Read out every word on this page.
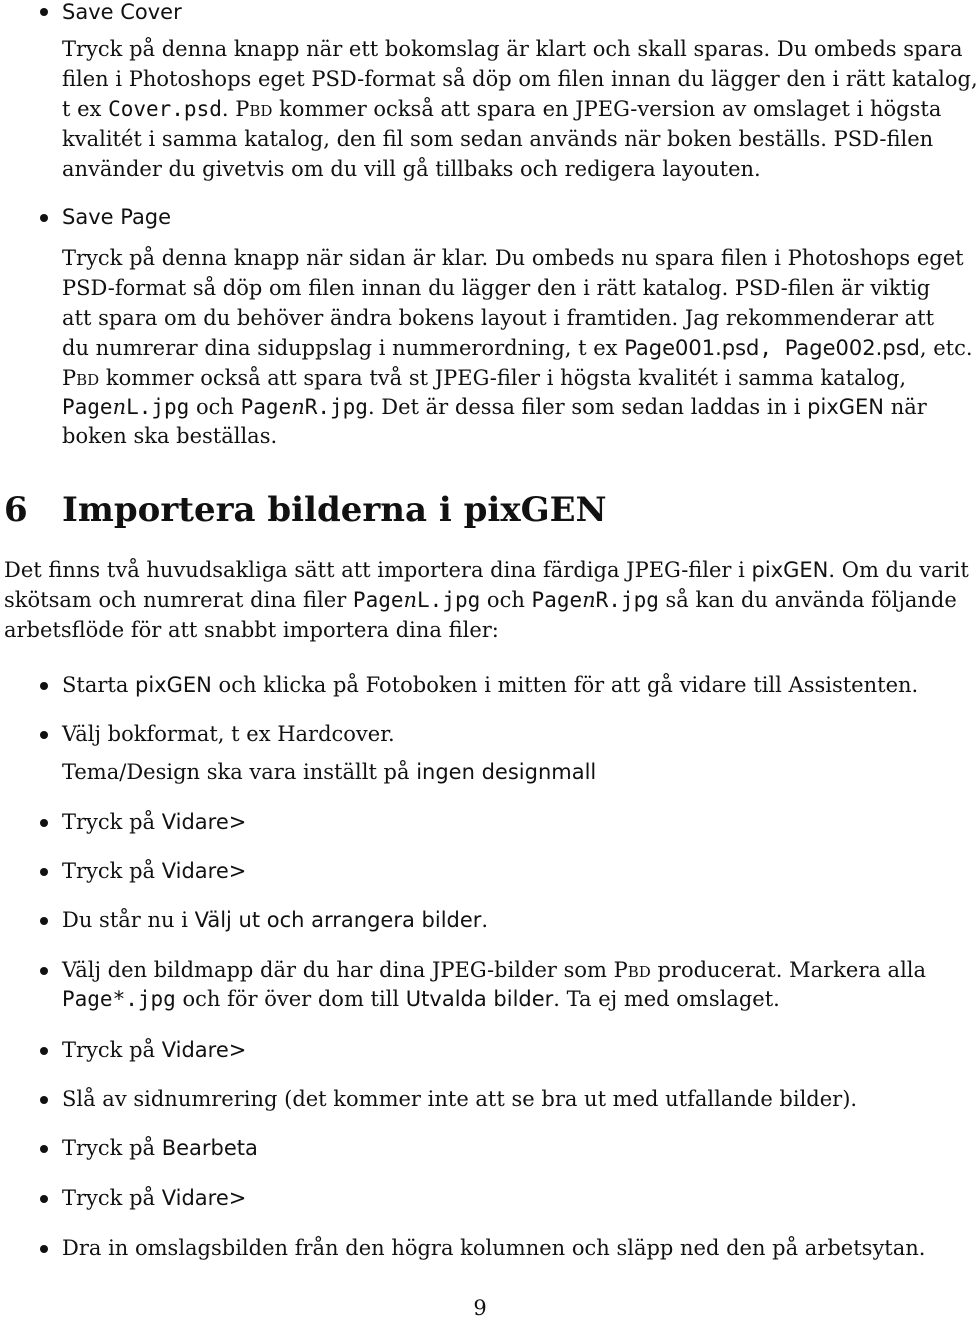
Save Cover
Tryck på denna knapp när ett bokomslag är klart och skall sparas. Du ombeds spara
filen i Photoshops eget PSD-format så döp om filen innan du lägger den i rätt katalog,
t ex Cover.psd. Pbd kommer också att spara en JPEG-version av omslaget i högsta
kvalitét i samma katalog, den fil som sedan används när boken beställs. PSD-filen
använder du givetvis om du vill gå tillbaks och redigera layouten.
Save Page
Tryck på denna knapp när sidan är klar. Du ombeds nu spara filen i Photoshops eget
PSD-format så döp om filen innan du lägger den i rätt katalog. PSD-filen är viktig
att spara om du behöver ändra bokens layout i framtiden. Jag rekommenderar att
du numrerar dina siduppslag i nummerordning, t ex Page001.psd, Page002.psd, etc.
Pbd kommer också att spara två st JPEG-filer i högsta kvalitét i samma katalog,
PagenL.jpg och PagenR.jpg. Det är dessa filer som sedan laddas in i pixGEN när
boken ska beställas.
6 Importera bilderna i pixGEN
Det finns två huvudsakliga sätt att importera dina färdiga JPEG-filer i pixGEN. Om du varit
skötsam och numrerat dina filer PagenL.jpg och PagenR.jpg så kan du använda följande
arbetsflöde för att snabbt importera dina filer:
Starta pixGEN och klicka på Fotoboken i mitten för att gå vidare till Assistenten.
Välj bokformat, t ex Hardcover.
Tema/Design ska vara inställt på ingen designmall
Tryck på Vidare>
Tryck på Vidare>
Du står nu i Välj ut och arrangera bilder.
Välj den bildmapp där du har dina JPEG-bilder som Pbd producerat. Markera alla
Page*.jpg och för över dom till Utvalda bilder. Ta ej med omslaget.
Tryck på Vidare>
Slå av sidnumrering (det kommer inte att se bra ut med utfallande bilder).
Tryck på Bearbeta
Tryck på Vidare>
Dra in omslagsbilden från den högra kolumnen och släpp ned den på arbetsytan.
9
